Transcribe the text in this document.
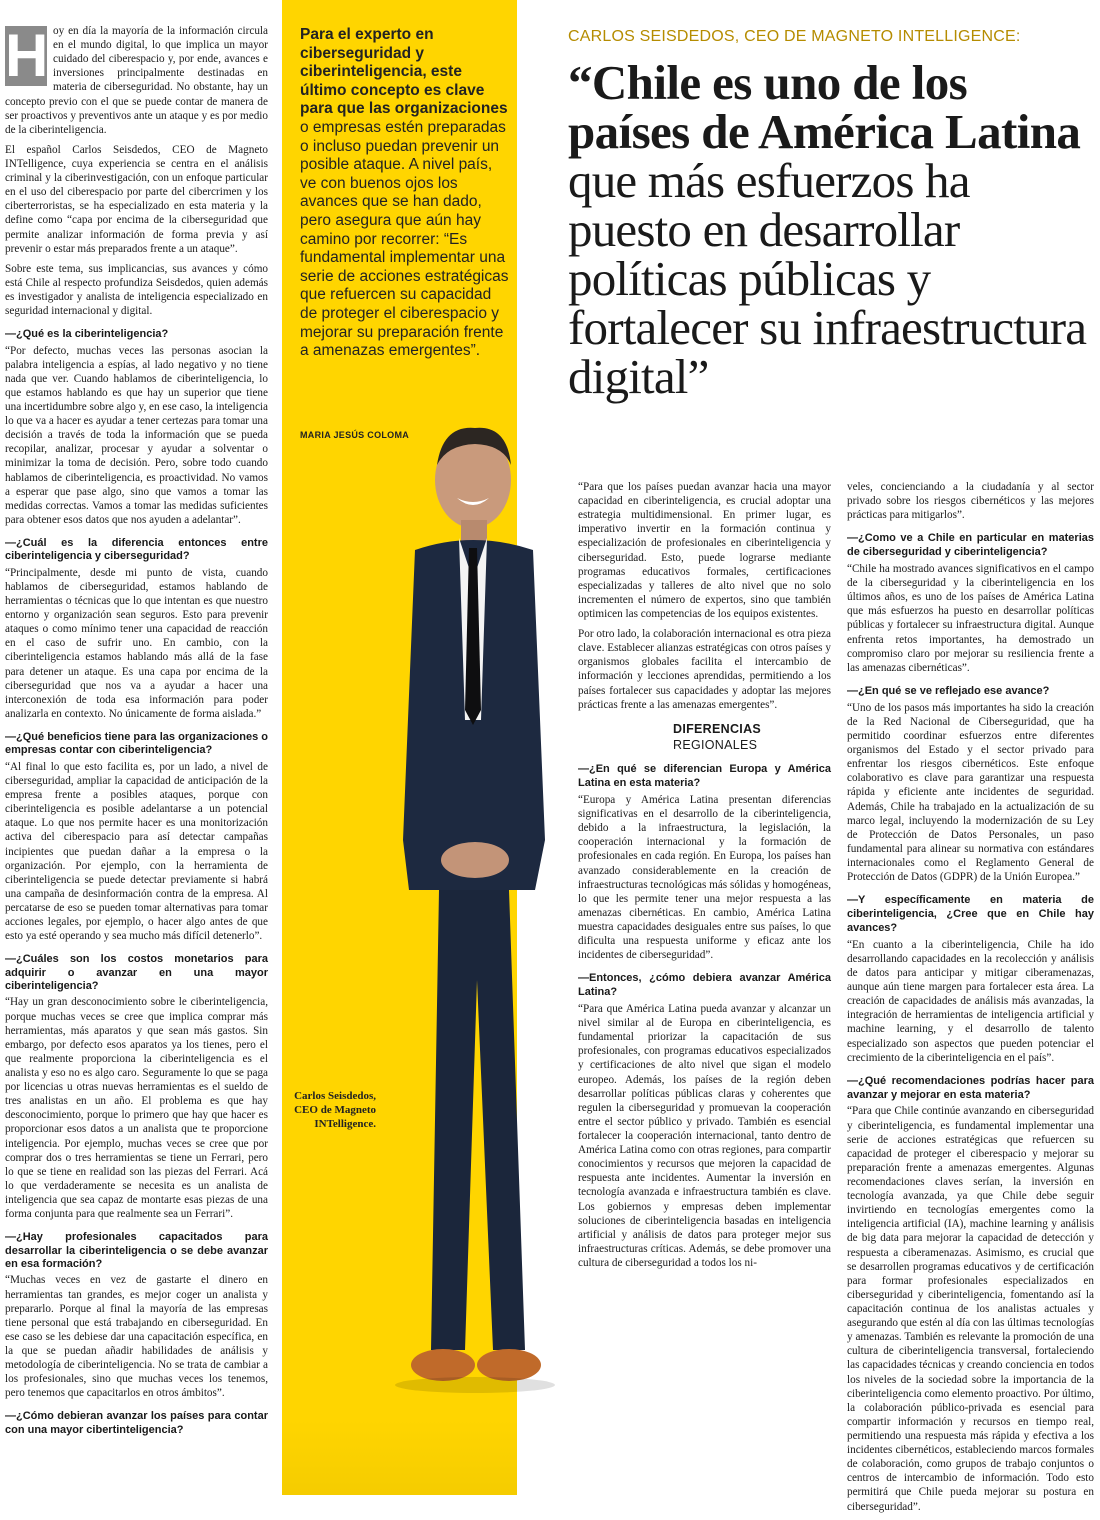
H oy en día la mayoría de la información circula en el mundo digital, lo que implica un mayor cuidado del ciberespacio y, por ende, avances e inversiones principalmente destinadas en materia de ciberseguridad. No obstante, hay un concepto previo con el que se puede contar de manera de ser proactivos y preventivos ante un ataque y es por medio de la ciberinteligencia.

El español Carlos Seisdedos, CEO de Magneto INTelligence, cuya experiencia se centra en el análisis criminal y la ciberinvestigación, con un enfoque particular en el uso del ciberespacio por parte del cibercrimen y los ciberterroristas, se ha especializado en esta materia y la define como “capa por encima de la ciberseguridad que permite analizar información de forma previa y así prevenir o estar más preparados frente a un ataque”.

Sobre este tema, sus implicancias, sus avances y cómo está Chile al respecto profundiza Seisdedos, quien además es investigador y analista de inteligencia especializado en seguridad internacional y digital.

—¿Qué es la ciberinteligencia?

“Por defecto, muchas veces las personas asocian la palabra inteligencia a espías, al lado negativo y no tiene nada que ver. Cuando hablamos de ciberinteligencia, lo que estamos hablando es que hay un superior que tiene una incertidumbre sobre algo y, en ese caso, la inteligencia lo que va a hacer es ayudar a tener certezas para tomar una decisión a través de toda la información que se pueda recopilar, analizar, procesar y ayudar a solventar o minimizar la toma de decisión. Pero, sobre todo cuando hablamos de ciberinteligencia, es proactividad. No vamos a esperar que pase algo, sino que vamos a tomar las medidas correctas. Vamos a tomar las medidas suficientes para obtener esos datos que nos ayuden a adelantar”.

—¿Cuál es la diferencia entonces entre ciberinteligencia y ciberseguridad?

“Principalmente, desde mi punto de vista, cuando hablamos de ciberseguridad, estamos hablando de herramientas o técnicas que lo que intentan es que nuestro entorno y organización sean seguros. Esto para prevenir ataques o como mínimo tener una capacidad de reacción en el caso de sufrir uno. En cambio, con la ciberinteligencia estamos hablando más allá de la fase para detener un ataque. Es una capa por encima de la ciberseguridad que nos va a ayudar a hacer una interconexión de toda esa información para poder analizarla en contexto. No únicamente de forma aislada.”

—¿Qué beneficios tiene para las organizaciones o empresas contar con ciberinteligencia?

“Al final lo que esto facilita es, por un lado, a nivel de ciberseguridad, ampliar la capacidad de anticipación de la empresa frente a posibles ataques, porque con ciberinteligencia es posible adelantarse a un potencial ataque. Lo que nos permite hacer es una monitorización activa del ciberespacio para así detectar campañas incipientes que puedan dañar a la empresa o la organización. Por ejemplo, con la herramienta de ciberinteligencia se puede detectar previamente si habrá una campaña de desinformación contra de la empresa. Al percatarse de eso se pueden tomar alternativas para tomar acciones legales, por ejemplo, o hacer algo antes de que esto ya esté operando y sea mucho más difícil detenerlo”.

—¿Cuáles son los costos monetarios para adquirir o avanzar en una mayor ciberinteligencia?

“Hay un gran desconocimiento sobre le ciberinteligencia, porque muchas veces se cree que implica comprar más herramientas, más aparatos y que sean más gastos. Sin embargo, por defecto esos aparatos ya los tienes, pero el que realmente proporciona la ciberinteligencia es el analista y eso no es algo caro. Seguramente lo que se paga por licencias u otras nuevas herramientas es el sueldo de tres analistas en un año. El problema es que hay desconocimiento, porque lo primero que hay que hacer es proporcionar esos datos a un analista que te proporcione inteligencia. Por ejemplo, muchas veces se cree que por comprar dos o tres herramientas se tiene un Ferrari, pero lo que se tiene en realidad son las piezas del Ferrari. Acá lo que verdaderamente se necesita es un analista de inteligencia que sea capaz de montarte esas piezas de una forma conjunta para que realmente sea un Ferrari”.

—¿Hay profesionales capacitados para desarrollar la ciberinteligencia o se debe avanzar en esa formación?

“Muchas veces en vez de gastarte el dinero en herramientas tan grandes, es mejor coger un analista y prepararlo. Porque al final la mayoría de las empresas tiene personal que está trabajando en ciberseguridad. En ese caso se les debiese dar una capacitación específica, en la que se puedan añadir habilidades de análisis y metodología de ciberinteligencia. No se trata de cambiar a los profesionales, sino que muchas veces los tenemos, pero tenemos que capacitarlos en otros ámbitos”.

—¿Cómo debieran avanzar los países para contar con una mayor cibertinteligencia?

Para el experto en ciberseguridad y ciberinteligencia, este último concepto es clave para que las organizaciones o empresas estén preparadas o incluso puedan prevenir un posible ataque. A nivel país, ve con buenos ojos los avances que se han dado, pero asegura que aún hay camino por recorrer: “Es fundamental implementar una serie de acciones estratégicas que refuercen su capacidad de proteger el ciberespacio y mejorar su preparación frente a amenazas emergentes”.

MARIA JESÚS COLOMA
Carlos Seisdedos, CEO de Magneto INTelligence.
CARLOS SEISDEDOS, CEO DE MAGNETO INTELLIGENCE:
“Chile es uno de los países de América Latina que más esfuerzos ha puesto en desarrollar políticas públicas y fortalecer su infraestructura digital”

“Para que los países puedan avanzar hacia una mayor capacidad en ciberinteligencia, es crucial adoptar una estrategia multidimensional. En primer lugar, es imperativo invertir en la formación continua y especialización de profesionales en ciberinteligencia y ciberseguridad. Esto, puede lograrse mediante programas educativos formales, certificaciones especializadas y talleres de alto nivel que no solo incrementen el número de expertos, sino que también optimicen las competencias de los equipos existentes.

Por otro lado, la colaboración internacional es otra pieza clave. Establecer alianzas estratégicas con otros países y organismos globales facilita el intercambio de información y lecciones aprendidas, permitiendo a los países fortalecer sus capacidades y adoptar las mejores prácticas frente a las amenazas emergentes”.

DIFERENCIAS
REGIONALES

—¿En qué se diferencian Europa y América Latina en esta materia?

“Europa y América Latina presentan diferencias significativas en el desarrollo de la ciberinteligencia, debido a la infraestructura, la legislación, la cooperación internacional y la formación de profesionales en cada región. En Europa, los países han avanzado considerablemente en la creación de infraestructuras tecnológicas más sólidas y homogéneas, lo que les permite tener una mejor respuesta a las amenazas cibernéticas. En cambio, América Latina muestra capacidades desiguales entre sus países, lo que dificulta una respuesta uniforme y eficaz ante los incidentes de ciberseguridad”.

—Entonces, ¿cómo debiera avanzar América Latina?

“Para que América Latina pueda avanzar y alcanzar un nivel similar al de Europa en ciberinteligencia, es fundamental priorizar la capacitación de sus profesionales, con programas educativos especializados y certificaciones de alto nivel que sigan el modelo europeo. Además, los países de la región deben desarrollar políticas públicas claras y coherentes que regulen la ciberseguridad y promuevan la cooperación entre el sector público y privado. También es esencial fortalecer la cooperación internacional, tanto dentro de América Latina como con otras regiones, para compartir conocimientos y recursos que mejoren la capacidad de respuesta ante incidentes. Aumentar la inversión en tecnología avanzada e infraestructura también es clave. Los gobiernos y empresas deben implementar soluciones de ciberinteligencia basadas en inteligencia artificial y análisis de datos para proteger mejor sus infraestructuras críticas. Además, se debe promover una cultura de ciberseguridad a todos los ni-

veles, concienciando a la ciudadanía y al sector privado sobre los riesgos cibernéticos y las mejores prácticas para mitigarlos”.

—¿Como ve a Chile en particular en materias de ciberseguridad y ciberinteligencia?

“Chile ha mostrado avances significativos en el campo de la ciberseguridad y la ciberinteligencia en los últimos años, es uno de los países de América Latina que más esfuerzos ha puesto en desarrollar políticas públicas y fortalecer su infraestructura digital. Aunque enfrenta retos importantes, ha demostrado un compromiso claro por mejorar su resiliencia frente a las amenazas cibernéticas”.

—¿En qué se ve reflejado ese avance?

“Uno de los pasos más importantes ha sido la creación de la Red Nacional de Ciberseguridad, que ha permitido coordinar esfuerzos entre diferentes organismos del Estado y el sector privado para enfrentar los riesgos cibernéticos. Este enfoque colaborativo es clave para garantizar una respuesta rápida y eficiente ante incidentes de seguridad. Además, Chile ha trabajado en la actualización de su marco legal, incluyendo la modernización de su Ley de Protección de Datos Personales, un paso fundamental para alinear su normativa con estándares internacionales como el Reglamento General de Protección de Datos (GDPR) de la Unión Europea.”

—Y específicamente en materia de ciberinteligencia, ¿Cree que en Chile hay avances?

“En cuanto a la ciberinteligencia, Chile ha ido desarrollando capacidades en la recolección y análisis de datos para anticipar y mitigar ciberamenazas, aunque aún tiene margen para fortalecer esta área. La creación de capacidades de análisis más avanzadas, la integración de herramientas de inteligencia artificial y machine learning, y el desarrollo de talento especializado son aspectos que pueden potenciar el crecimiento de la ciberinteligencia en el país”.

—¿Qué recomendaciones podrías hacer para avanzar y mejorar en esta materia?

“Para que Chile continúe avanzando en ciberseguridad y ciberinteligencia, es fundamental implementar una serie de acciones estratégicas que refuercen su capacidad de proteger el ciberespacio y mejorar su preparación frente a amenazas emergentes. Algunas recomendaciones claves serían, la inversión en tecnología avanzada, ya que Chile debe seguir invirtiendo en tecnologías emergentes como la inteligencia artificial (IA), machine learning y análisis de big data para mejorar la capacidad de detección y respuesta a ciberamenazas. Asimismo, es crucial que se desarrollen programas educativos y de certificación para formar profesionales especializados en ciberseguridad y ciberinteligencia, fomentando así la capacitación continua de los analistas actuales y asegurando que estén al día con las últimas tecnologías y amenazas. También es relevante la promoción de una cultura de ciberinteligencia transversal, fortaleciendo las capacidades técnicas y creando conciencia en todos los niveles de la sociedad sobre la importancia de la ciberinteligencia como elemento proactivo. Por último, la colaboración público-privada es esencial para compartir información y recursos en tiempo real, permitiendo una respuesta más rápida y efectiva a los incidentes cibernéticos, estableciendo marcos formales de colaboración, como grupos de trabajo conjuntos o centros de intercambio de información. Todo esto permitirá que Chile pueda mejorar su postura en ciberseguridad”.
